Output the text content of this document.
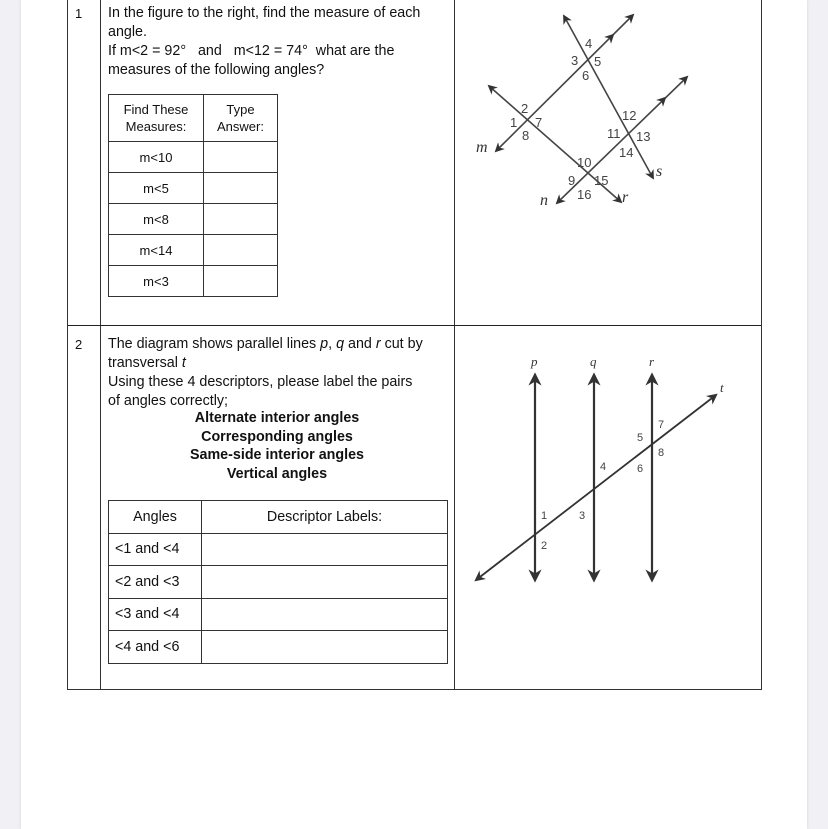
1 In the figure to the right, find the measure of each
angle.
If m<2 = 92°   and   m<12 = 74°  what are the
measures of the following angles?
Find These
Measures:	Type
Answer:
m<10	
m<5	
m<8	
m<14	
m<3	
2 The diagram shows parallel lines p, q and r cut by
transversal t
Using these 4 descriptors, please label the pairs
of angles correctly;
Alternate interior angles
Corresponding angles
Same-side interior angles
Vertical angles
Angles	Descriptor Labels:
<1 and <4	
<2 and <3	
<3 and <4	
<4 and <6	
m
n	r
s
1
2
3
4
5
6
7
8
9
10
11
12
13
14
15
16
p	q	r
t
1
2
3
4
5
6
7
8
